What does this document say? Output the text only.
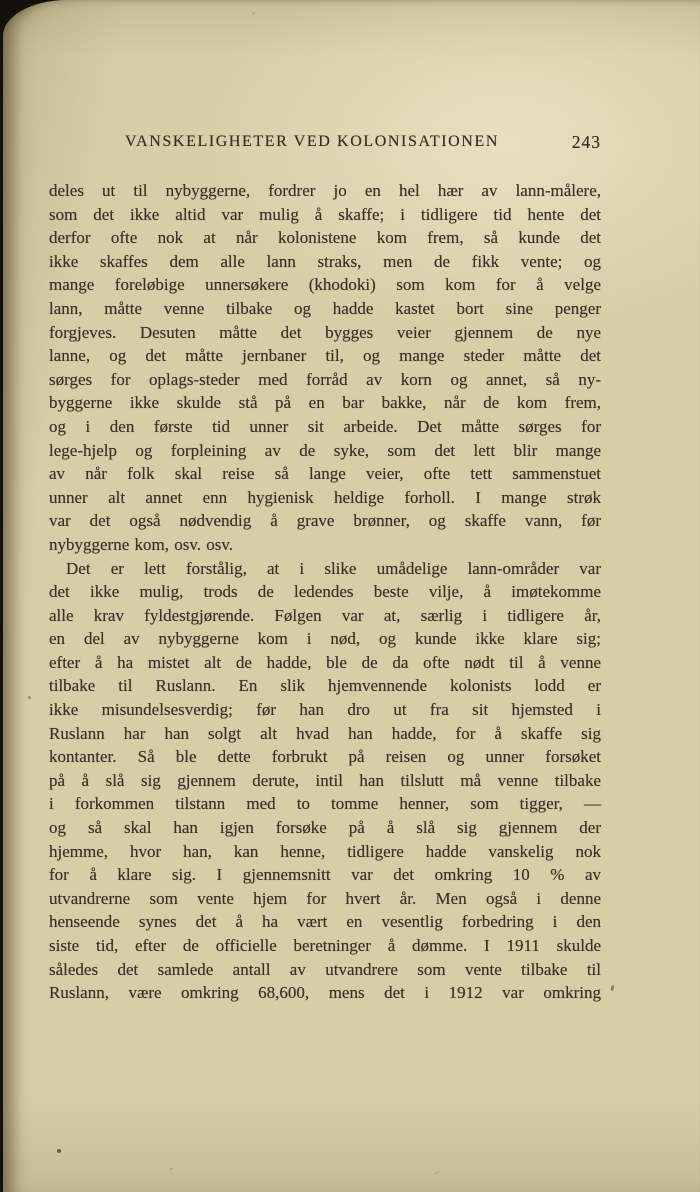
VANSKELIGHETER VED KOLONISATIONEN	243
deles ut til nybyggerne, fordrer jo en hel hær av lann-målere,
som det ikke altid var mulig å skaffe; i tidligere tid hente det
derfor ofte nok at når kolonistene kom frem, så kunde det
ikke skaffes dem alle lann straks, men de fikk vente; og
mange foreløbige unnersøkere (khodoki) som kom for å velge
lann, måtte venne tilbake og hadde kastet bort sine penger
forgjeves. Desuten måtte det bygges veier gjennem de nye
lanne, og det måtte jernbaner til, og mange steder måtte det
sørges for oplags-steder med forråd av korn og annet, så ny-
byggerne ikke skulde stå på en bar bakke, når de kom frem,
og i den første tid unner sit arbeide. Det måtte sørges for
lege-hjelp og forpleining av de syke, som det lett blir mange
av når folk skal reise så lange veier, ofte tett sammenstuet
unner alt annet enn hygienisk heldige forholl. I mange strøk
var det også nødvendig å grave brønner, og skaffe vann, før
nybyggerne kom, osv. osv.
Det er lett forstålig, at i slike umådelige lann-områder var
det ikke mulig, trods de ledendes beste vilje, å imøtekomme
alle krav fyldestgjørende. Følgen var at, særlig i tidligere år,
en del av nybyggerne kom i nød, og kunde ikke klare sig;
efter å ha mistet alt de hadde, ble de da ofte nødt til å venne
tilbake til Ruslann. En slik hjemvennende kolonists lodd er
ikke misundelsesverdig; før han dro ut fra sit hjemsted i
Ruslann har han solgt alt hvad han hadde, for å skaffe sig
kontanter. Så ble dette forbrukt på reisen og unner forsøket
på å slå sig gjennem derute, intil han tilslutt må venne tilbake
i forkommen tilstann med to tomme henner, som tigger, —
og så skal han igjen forsøke på å slå sig gjennem der
hjemme, hvor han, kan henne, tidligere hadde vanskelig nok
for å klare sig. I gjennemsnitt var det omkring 10 % av
utvandrerne som vente hjem for hvert år. Men også i denne
henseende synes det å ha vært en vesentlig forbedring i den
siste tid, efter de officielle beretninger å dømme. I 1911 skulde
således det samlede antall av utvandrere som vente tilbake til
Ruslann, være omkring 68,600, mens det i 1912 var omkring
